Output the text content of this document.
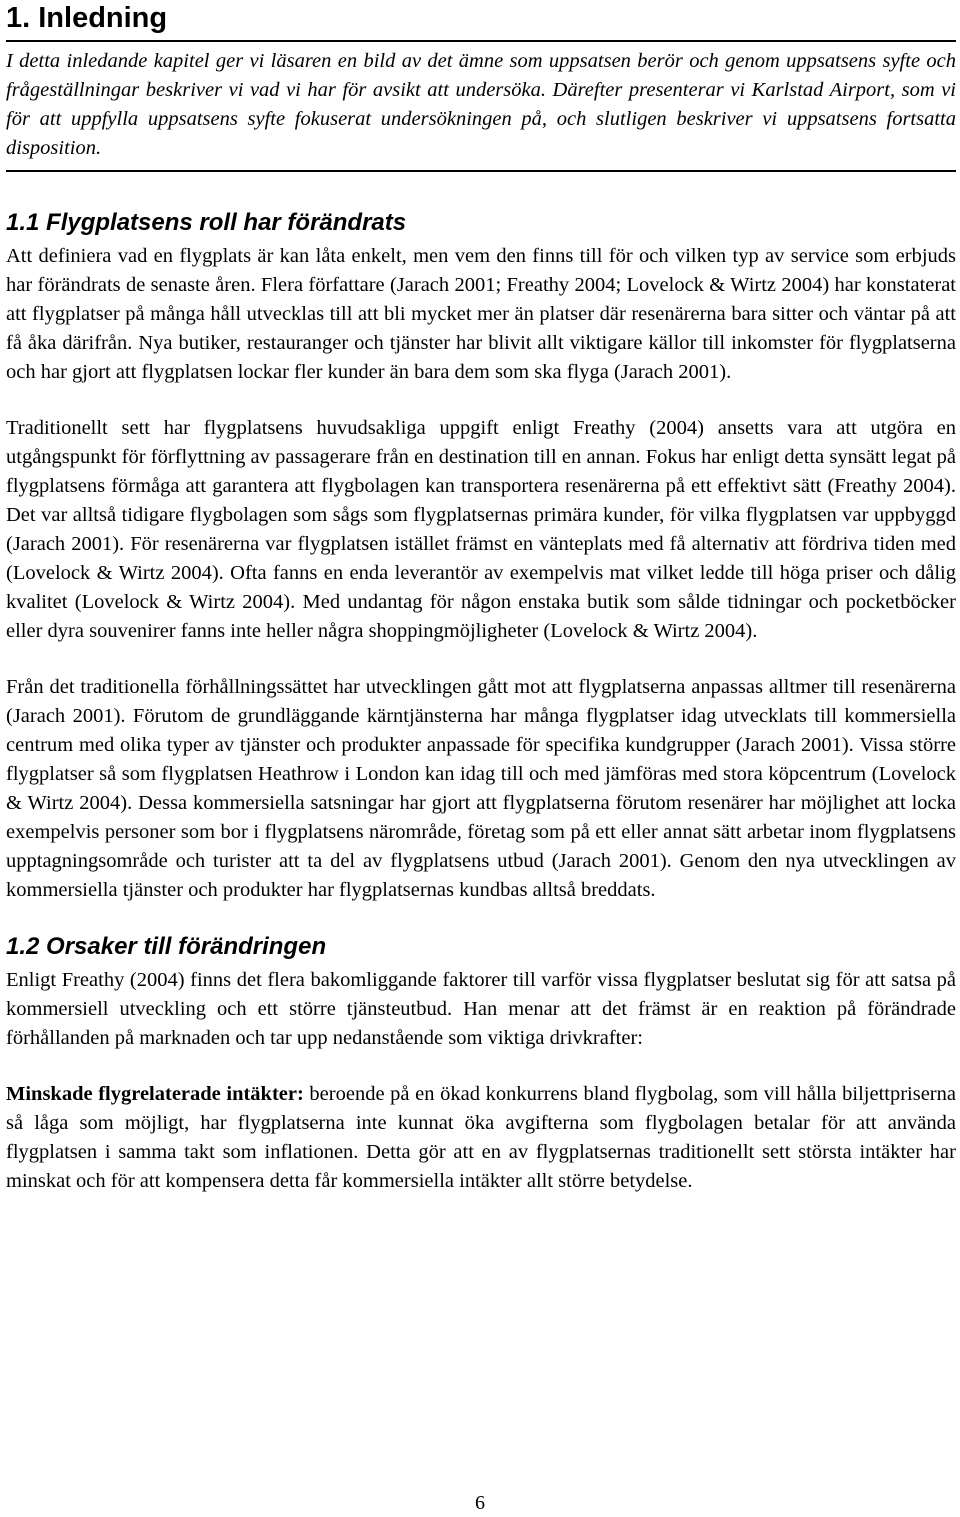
1. Inledning

I detta inledande kapitel ger vi läsaren en bild av det ämne som uppsatsen berör och genom uppsatsens syfte och frågeställningar beskriver vi vad vi har för avsikt att undersöka. Därefter presenterar vi Karlstad Airport, som vi för att uppfylla uppsatsens syfte fokuserat undersökningen på, och slutligen beskriver vi uppsatsens fortsatta disposition.

1.1 Flygplatsens roll har förändrats

Att definiera vad en flygplats är kan låta enkelt, men vem den finns till för och vilken typ av service som erbjuds har förändrats de senaste åren. Flera författare (Jarach 2001; Freathy 2004; Lovelock & Wirtz 2004) har konstaterat att flygplatser på många håll utvecklas till att bli mycket mer än platser där resenärerna bara sitter och väntar på att få åka därifrån. Nya butiker, restauranger och tjänster har blivit allt viktigare källor till inkomster för flygplatserna och har gjort att flygplatsen lockar fler kunder än bara dem som ska flyga (Jarach 2001).

Traditionellt sett har flygplatsens huvudsakliga uppgift enligt Freathy (2004) ansetts vara att utgöra en utgångspunkt för förflyttning av passagerare från en destination till en annan. Fokus har enligt detta synsätt legat på flygplatsens förmåga att garantera att flygbolagen kan transportera resenärerna på ett effektivt sätt (Freathy 2004). Det var alltså tidigare flygbolagen som sågs som flygplatsernas primära kunder, för vilka flygplatsen var uppbyggd (Jarach 2001). För resenärerna var flygplatsen istället främst en vänteplats med få alternativ att fördriva tiden med (Lovelock & Wirtz 2004). Ofta fanns en enda leverantör av exempelvis mat vilket ledde till höga priser och dålig kvalitet (Lovelock & Wirtz 2004). Med undantag för någon enstaka butik som sålde tidningar och pocketböcker eller dyra souvenirer fanns inte heller några shoppingmöjligheter (Lovelock & Wirtz 2004).

Från det traditionella förhållningssättet har utvecklingen gått mot att flygplatserna anpassas alltmer till resenärerna (Jarach 2001). Förutom de grundläggande kärntjänsterna har många flygplatser idag utvecklats till kommersiella centrum med olika typer av tjänster och produkter anpassade för specifika kundgrupper (Jarach 2001). Vissa större flygplatser så som flygplatsen Heathrow i London kan idag till och med jämföras med stora köpcentrum (Lovelock & Wirtz 2004). Dessa kommersiella satsningar har gjort att flygplatserna förutom resenärer har möjlighet att locka exempelvis personer som bor i flygplatsens närområde, företag som på ett eller annat sätt arbetar inom flygplatsens upptagningsområde och turister att ta del av flygplatsens utbud (Jarach 2001). Genom den nya utvecklingen av kommersiella tjänster och produkter har flygplatsernas kundbas alltså breddats.

1.2 Orsaker till förändringen

Enligt Freathy (2004) finns det flera bakomliggande faktorer till varför vissa flygplatser beslutat sig för att satsa på kommersiell utveckling och ett större tjänsteutbud. Han menar att det främst är en reaktion på förändrade förhållanden på marknaden och tar upp nedanstående som viktiga drivkrafter:

Minskade flygrelaterade intäkter: beroende på en ökad konkurrens bland flygbolag, som vill hålla biljettpriserna så låga som möjligt, har flygplatserna inte kunnat öka avgifterna som flygbolagen betalar för att använda flygplatsen i samma takt som inflationen. Detta gör att en av flygplatsernas traditionellt sett största intäkter har minskat och för att kompensera detta får kommersiella intäkter allt större betydelse.

6
